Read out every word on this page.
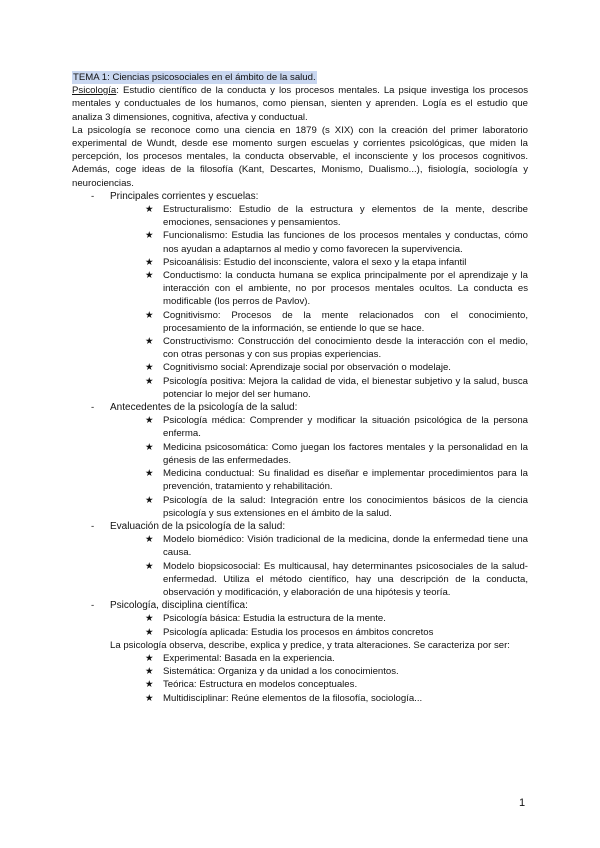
TEMA 1: Ciencias psicosociales en el ámbito de la salud.

Psicología: Estudio científico de la conducta y los procesos mentales. La psique investiga los procesos mentales y conductuales de los humanos, como piensan, sienten y aprenden. Logía es el estudio que analiza 3 dimensiones, cognitiva, afectiva y conductual.

La psicología se reconoce como una ciencia en 1879 (s XIX) con la creación del primer laboratorio experimental de Wundt, desde ese momento surgen escuelas y corrientes psicológicas, que miden la percepción, los procesos mentales, la conducta observable, el inconsciente y los procesos cognitivos. Además, coge ideas de la filosofía (Kant, Descartes, Monismo, Dualismo...), fisiología, sociología y neurociencias.

- Principales corrientes y escuelas:
★ Estructuralismo: Estudio de la estructura y elementos de la mente, describe emociones, sensaciones y pensamientos.
★ Funcionalismo: Estudia las funciones de los procesos mentales y conductas, cómo nos ayudan a adaptarnos al medio y como favorecen la supervivencia.
★ Psicoanálisis: Estudio del inconsciente, valora el sexo y la etapa infantil
★ Conductismo: la conducta humana se explica principalmente por el aprendizaje y la interacción con el ambiente, no por procesos mentales ocultos. La conducta es modificable (los perros de Pavlov).
★ Cognitivismo: Procesos de la mente relacionados con el conocimiento, procesamiento de la información, se entiende lo que se hace.
★ Constructivismo: Construcción del conocimiento desde la interacción con el medio, con otras personas y con sus propias experiencias.
★ Cognitivismo social: Aprendizaje social por observación o modelaje.
★ Psicología positiva: Mejora la calidad de vida, el bienestar subjetivo y la salud, busca potenciar lo mejor del ser humano.
- Antecedentes de la psicología de la salud:
★ Psicología médica: Comprender y modificar la situación psicológica de la persona enferma.
★ Medicina psicosomática: Como juegan los factores mentales y la personalidad en la génesis de las enfermedades.
★ Medicina conductual: Su finalidad es diseñar e implementar procedimientos para la prevención, tratamiento y rehabilitación.
★ Psicología de la salud: Integración entre los conocimientos básicos de la ciencia psicología y sus extensiones en el ámbito de la salud.
- Evaluación de la psicología de la salud:
★ Modelo biomédico: Visión tradicional de la medicina, donde la enfermedad tiene una causa.
★ Modelo biopsicosocial: Es multicausal, hay determinantes psicosociales de la salud-enfermedad. Utiliza el método científico, hay una descripción de la conducta, observación y modificación, y elaboración de una hipótesis y teoría.
- Psicología, disciplina científica:
★ Psicología básica: Estudia la estructura de la mente.
★ Psicología aplicada: Estudia los procesos en ámbitos concretos

La psicología observa, describe, explica y predice, y trata alteraciones. Se caracteriza por ser:

★ Experimental: Basada en la experiencia.
★ Sistemática: Organiza y da unidad a los conocimientos.
★ Teórica: Estructura en modelos conceptuales.
★ Multidisciplinar: Reúne elementos de la filosofía, sociología...
1
